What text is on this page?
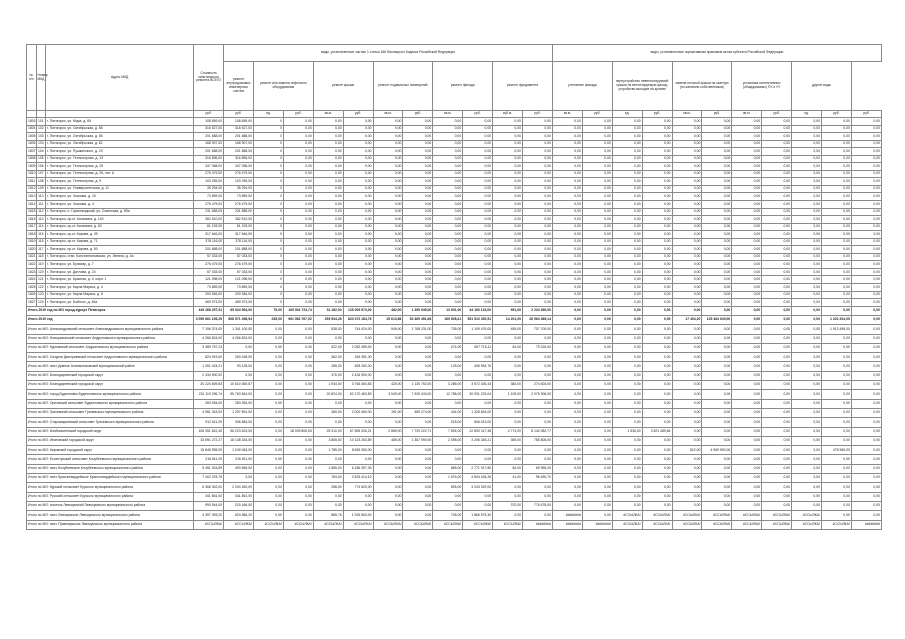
№ п/п	Номер МКД	Адрес МКД	Стоимость капитального ремонта ВСЕГО	виды, установленные частью 1 статьи 166 Жилищного Кодекса Российской Федерации											виды, установленные нормативным правовым актом субъекта Российской Федерации										
				ремонт внутридомовых инженерных систем	ремонт или замена лифтового оборудования		ремонт крыши		ремонт подвальных помещений		ремонт фасада		ремонт фундамента		утепление фасада		переустройство невентилируемой крыши на вентилируемую крышу, устройство выходов на кровлю		замена плоской крыши на скатную (по желанию собственников)		установка коллективных (общедомовых) ПУ и УУ		другие виды		
			руб.	руб.	ед.	руб.	кв.м.	руб.	кв.м.	руб.	кв.м.	руб.	куб.м.	руб.	кв.м.	руб.	ед.	руб.	кв.м.	руб.	кв.м.	руб.	ед.	руб.	руб.
1803	101	г. Пятигорск, ул. Мира, д. 65	108 659,00	108 659,00	0	0,00	0,00	0,00	0,00	0,00	0,00	0,00	0,00	0,00	0,00	0,00	0,00	0,00	0,00	0,00	0,00	0,00	0,00	0,00	0,00
1804	102	г. Пятигорск, ул. Октябрьская, д. 58	316 527,00	316 527,00	0	0,00	0,00	0,00	0,00	0,00	0,00	0,00	0,00	0,00	0,00	0,00	0,00	0,00	0,00	0,00	0,00	0,00	0,00	0,00	0,00
1805	103	г. Пятигорск, ул. Октябрьская, д. 55	201 688,00	201 688,00	0	0,00	0,00	0,00	0,00	0,00	0,00	0,00	0,00	0,00	0,00	0,00	0,00	0,00	0,00	0,00	0,00	0,00	0,00	0,00	0,00
1806	103	г. Пятигорск, ул. Октябрьская, д. 62	168 907,00	168 907,00	0	0,00	0,00	0,00	0,00	0,00	0,00	0,00	0,00	0,00	0,00	0,00	0,00	0,00	0,00	0,00	0,00	0,00	0,00	0,00	0,00
1807	104	г. Пятигорск, ул. Пушкинского, д. 20	201 688,00	201 688,00	0	0,00	0,00	0,00	0,00	0,00	0,00	0,00	0,00	0,00	0,00	0,00	0,00	0,00	0,00	0,00	0,00	0,00	0,00	0,00	0,00
1808	105	г. Пятигорск, ул. Теплосерная, д. 13	316 896,00	316 896,00	0	0,00	0,00	0,00	0,00	0,00	0,00	0,00	0,00	0,00	0,00	0,00	0,00	0,00	0,00	0,00	0,00	0,00	0,00	0,00	0,00
1809	106	г. Пятигорск, ул. Теплосерная, д. 25	347 058,00	347 058,00	0	0,00	0,00	0,00	0,00	0,00	0,00	0,00	0,00	0,00	0,00	0,00	0,00	0,00	0,00	0,00	0,00	0,00	0,00	0,00	0,00
1810	107	г. Пятигорск, ул. Теплосерная, д. 25, лит. А	276 479,00	276 479,00	0	0,00	0,00	0,00	0,00	0,00	0,00	0,00	0,00	0,00	0,00	0,00	0,00	0,00	0,00	0,00	0,00	0,00	0,00	0,00	0,00
1811	108	г. Пятигорск, ул. Теплосерная, д. 9	103 255,00	103 255,00	0	0,00	0,00	0,00	0,00	0,00	0,00	0,00	0,00	0,00	0,00	0,00	0,00	0,00	0,00	0,00	0,00	0,00	0,00	0,00	0,00
1812	109	г. Пятигорск, ул. Университетская, д. 11	35 294,00	35 294,00	0	0,00	0,00	0,00	0,00	0,00	0,00	0,00	0,00	0,00	0,00	0,00	0,00	0,00	0,00	0,00	0,00	0,00	0,00	0,00	0,00
1813	110	г. Пятигорск, ул. Чкалова, д. 16	73 859,00	73 859,00	0	0,00	0,00	0,00	0,00	0,00	0,00	0,00	0,00	0,00	0,00	0,00	0,00	0,00	0,00	0,00	0,00	0,00	0,00	0,00	0,00
1814	111	г. Пятигорск, ул. Чкалова, д. 4	276 479,00	276 479,00	0	0,00	0,00	0,00	0,00	0,00	0,00	0,00	0,00	0,00	0,00	0,00	0,00	0,00	0,00	0,00	0,00	0,00	0,00	0,00	0,00
1815	112	г. Пятигорск, п. Горячеводский, ул. Советская, д. 89а	231 588,00	231 588,00	0	0,00	0,00	0,00	0,00	0,00	0,00	0,00	0,00	0,00	0,00	0,00	0,00	0,00	0,00	0,00	0,00	0,00	0,00	0,00	0,00
1816	113	г. Пятигорск, пр-кт. Калинина, д. 143	382 510,00	382 510,00	0	0,00	0,00	0,00	0,00	0,00	0,00	0,00	0,00	0,00	0,00	0,00	0,00	0,00	0,00	0,00	0,00	0,00	0,00	0,00	0,00
1817	114	г. Пятигорск, пр-кт. Калинина, д. 63	81 193,00	81 193,00	0	0,00	0,00	0,00	0,00	0,00	0,00	0,00	0,00	0,00	0,00	0,00	0,00	0,00	0,00	0,00	0,00	0,00	0,00	0,00	0,00
1818	115	г. Пятигорск, пр-кт. Кирова, д. 39	317 646,00	317 646,00	0	0,00	0,00	0,00	0,00	0,00	0,00	0,00	0,00	0,00	0,00	0,00	0,00	0,00	0,00	0,00	0,00	0,00	0,00	0,00	0,00
1819	116	г. Пятигорск, пр-кт. Кирова, д. 71	378 116,00	378 116,00	0	0,00	0,00	0,00	0,00	0,00	0,00	0,00	0,00	0,00	0,00	0,00	0,00	0,00	0,00	0,00	0,00	0,00	0,00	0,00	0,00
1820	117	г. Пятигорск, пр-кт. Кирова, д. 50	201 688,00	201 688,00	0	0,00	0,00	0,00	0,00	0,00	0,00	0,00	0,00	0,00	0,00	0,00	0,00	0,00	0,00	0,00	0,00	0,00	0,00	0,00	0,00
1821	118	г. Пятигорск, стан. Константиновская, ул. Ленина, д. 4а	57 033,00	57 033,00	0	0,00	0,00	0,00	0,00	0,00	0,00	0,00	0,00	0,00	0,00	0,00	0,00	0,00	0,00	0,00	0,00	0,00	0,00	0,00	0,00
1822	119	г. Пятигорск, ул. Бульвар, д. 7	276 479,00	276 479,00	0	0,00	0,00	0,00	0,00	0,00	0,00	0,00	0,00	0,00	0,00	0,00	0,00	0,00	0,00	0,00	0,00	0,00	0,00	0,00	0,00
1823	120	г. Пятигорск, ул. Дятлова, д. 24	57 033,00	57 033,00	0	0,00	0,00	0,00	0,00	0,00	0,00	0,00	0,00	0,00	0,00	0,00	0,00	0,00	0,00	0,00	0,00	0,00	0,00	0,00	0,00
1824	121	г. Пятигорск, ул. Красная, д. 4, корп. 1	121 098,00	121 098,00	0	0,00	0,00	0,00	0,00	0,00	0,00	0,00	0,00	0,00	0,00	0,00	0,00	0,00	0,00	0,00	0,00	0,00	0,00	0,00	0,00
1825	122	г. Пятигорск, ул. Карла Маркса, д. 4	73 859,00	73 859,00	0	0,00	0,00	0,00	0,00	0,00	0,00	0,00	0,00	0,00	0,00	0,00	0,00	0,00	0,00	0,00	0,00	0,00	0,00	0,00	0,00
1826	123	г. Пятигорск, ул. Карла Маркса, д. 8	200 946,00	200 946,00	0	0,00	0,00	0,00	0,00	0,00	0,00	0,00	0,00	0,00	0,00	0,00	0,00	0,00	0,00	0,00	0,00	0,00	0,00	0,00	0,00
1827	124	г. Пятигорск, ул. Бойного, д. 45а	469 973,00	469 973,00	0	0,00	0,00	0,00	0,00	0,00	0,00	0,00	0,00	0,00	0,00	0,00	0,00	0,00	0,00	0,00	0,00	0,00	0,00	0,00	0,00
Итого 2019 год по МО город-курорт Пятигорск			449 268 257,91	69 924 994,00	75,00	169 304 723,74	31 182,00	125 209 573,00	482,00	1 259 949,00	13 901,00	44 160 123,00	951,00	2 224 390,00	0,00	0,00	0,00	0,00	0,00	0,00	0,00	0,00	0,00	0,00	0,00
Итого 2019 год			3 059 661 106,29	808 571 498,94	235,00	961 083 767,02	255 534,26	823 072 184,76	25 613,86	53 465 451,66	169 528,41	551 510 392,51	14 201,00	26 564 489,14	0,00	0,00	0,00	0,00	17 404,20	125 464 040,00	0,00	0,00	0,00	1 223 204,05	0,00
Итого по МО: Александровский сельсовет Александровского муниципального района			7 196 374,00	1 341 100,00	0,00	0,00	538,00	744 424,00	546,00	1 768 231,00	735,00	1 109 476,00	455,00	707 700,00	0,00	0,00	0,00	0,00	0,00	0,00	0,00	0,00	0,00	1 913 496,00	0,00
Итого по МО: Новоразынский сельсовет Андроповского муниципального района			4 266 824,00	4 266 824,00	0,00	0,00	0,00	0,00	0,00	0,00	0,00	0,00	0,00	0,00	0,00	0,00	0,00	0,00	0,00	0,00	0,00	0,00	0,00	0,00	0,00
Итого по МО: Курсавский сельсовет Андроповского муниципального района			3 389 757,24	0,00	0,00	0,00	522,00	2 082 489,00	0,00	0,00	274,00	697 715,11	64,00	79 226,00	0,00	0,00	0,00	0,00	0,00	0,00	0,00	0,00	0,00	0,00	0,00
Итого по МО: Сизуров Дмитриевский сельсовет Андроповского муниципального района			824 519,00	263 168,00	0,00	0,00	362,00	426 351,00	0,00	0,00	0,00	0,00	0,00	0,00	0,00	0,00	0,00	0,00	0,00	0,00	0,00	0,00	0,00	0,00	0,00
Итого по МО: село Дивное Апанасенковский муниципальный район			1 261 424,21	93 128,00	0,00	0,00	285,00	828 262,00	0,00	0,00	125,00	406 994,76	0,00	0,00	0,00	0,00	0,00	0,00	0,00	0,00	0,00	0,00	0,00	0,00	0,00
Итого по МО: Благодарненский городской округ			2 434 900,00	0,00	0,00	0,00	376,00	2 434 900,00	0,00	0,00	0,00	0,00	0,00	0,00	0,00	0,00	0,00	0,00	0,00	0,00	0,00	0,00	0,00	0,00	0,00
Итого по МО: Благодарненский городской округ			20 224 609,83	10 610 360,57	0,00	0,00	1 934,00	3 766 464,83	420,00	1 130 752,00	3 285,00	3 972 426,43	384,00	274 604,00	0,00	0,00	0,00	0,00	0,00	0,00	0,00	0,00	0,00	0,00	0,00
Итого по МО: город Буденновск Буденновского муниципального района			231 119 296,74	95 763 844,00	0,00	0,00	20 824,00	62 170 483,89	3 549,00	7 926 443,00	12 758,00	30 931 223,04	1 109,00	2 076 906,00	0,00	0,00	0,00	0,00	0,00	0,00	0,00	0,00	0,00	0,00	0,00
Итого по МО: Орловский сельсовет Буденновского муниципального района			283 054,00	283 054,00	0,00	0,00	0,00	0,00	0,00	0,00	0,00	0,00	0,00	0,00	0,00	0,00	0,00	0,00	0,00	0,00	0,00	0,00	0,00	0,00	0,00
Итого по МО: Грачевский сельсовет Грачевского муниципального района			4 981 343,00	1 297 891,00	0,00	0,00	380,00	2 000 460,00	191,00	489 274,00	444,00	1 328 815,00	0,00	0,00	0,00	0,00	0,00	0,00	0,00	0,00	0,00	0,00	0,00	0,00	0,00
Итого по МО: Старомарьевский сельсовет Грачевского муниципального района			912 611,00	306 684,00	0,00	0,00	0,00	0,00	0,00	0,00	218,00	606 013,00	0,00	0,00	0,00	0,00	0,00	0,00	0,00	0,00	0,00	0,00	0,00	0,00	0,00
Итого по МО: Изобильненский городской округ			106 391 822,40	56 223 623,00	0,00	18 039 806,53	25 310,00	67 895 326,21	2 889,00	7 729 222,71	7 894,00	22 800 317,48	4 774,00	8 142 082,77	0,00	0,00	1 536,00	2 821 489,84	0,00	0,00	0,00	0,00	0,00	0,00	0,00
Итого по МО: Ипатовский городской округ			33 591 272,27	18 138 334,00	0,00	0,00	3 865,00	10 123 263,89	485,00	1 367 990,00	2 098,00	3 206 345,21	355,00	785 806,00	0,00	0,00	0,00	0,00	0,00	0,00	0,00	0,00	0,00	0,00	0,00
Итого по МО: Кировский городской округ			15 848 955,00	1 049 063,00	0,00	0,00	1 785,00	8 555 350,00	0,00	0,00	0,00	0,00	0,00	0,00	0,00	0,00	0,00	0,00	822,00	4 969 990,00	0,00	0,00	0,00	478 965,00	0,00
Итого по МО: Ессентукский сельсовет Кочубеевского муниципального района			216 811,00	216 811,00	0,00	0,00	0,00	0,00	0,00	0,00	0,00	0,00	0,00	0,00	0,00	0,00	0,00	0,00	0,00	0,00	0,00	0,00	0,00	0,00	0,00
Итого по МО: село Кочубеевское Кочубеевского муниципального района			9 451 924,89	493 558,00	0,00	0,00	1 855,00	6 186 397,39	0,00	0,00	865,00	2 771 917,80	84,00	69 995,20	0,00	0,00	0,00	0,00	0,00	0,00	0,00	0,00	0,00	0,00	0,00
Итого по МО: село Красногвардейское Красногвардейского муниципального района			7 402 378,76	0,00	0,00	0,00	783,00	2 525 414,10	0,00	0,00	1 576,00	4 844 434,26	41,00	96 630,70	0,00	0,00	0,00	0,00	0,00	0,00	0,00	0,00	0,00	0,00	0,00
Итого по МО: Курский сельсовет Курского муниципального района			6 368 302,00	2 204 450,00	0,00	0,00	258,00	774 620,00	0,00	0,00	805,00	3 043 329,00	0,00	0,00	0,00	0,00	0,00	0,00	0,00	0,00	0,00	0,00	0,00	0,00	0,00
Итого по МО: Русский сельсовет Курского муниципального района			341 861,00	341 861,00	0,00	0,00	0,00	0,00	0,00	0,00	0,00	0,00	0,00	0,00	0,00	0,00	0,00	0,00	0,00	0,00	0,00	0,00	0,00	0,00	0,00
Итого по МО: поселок Левокумский Левокумского муниципального района			990 944,00	215 166,00	0,00	0,00	0,00	0,00	0,00	0,00	0,00	0,00	370,00	775 678,00	0,00	0,00	0,00	0,00	0,00	0,00	0,00	0,00	0,00	0,00	0,00
Итого по МО: село Левокумское Левокумского муниципального района			4 397 393,20	603 856,20	0,00	0,00	865,78	1 926 563,00	0,00	0,00	705,00	1 866 975,30	0,00	0,00	########	0,00	#ССЫЛКА!	#ССЫЛКА!	#ССЫЛКА!	#ССЫЛКА!	#ССЫЛКА!	#ССЫЛКА!	#ССЫЛКА!	0,00	0,00
Итого по МО: село Правокумское Левокумского муниципального района			#ССЫЛКА!	#ССЫЛКА!	#ССЫЛКА!	#ССЫЛКА!	#ССЫЛКА!	#ССЫЛКА!	#ССЫЛКА!	#ССЫЛКА!	#ССЫЛКА!	#ССЫЛКА!	#ССЫЛКА!	########	########	########	#ССЫЛКА!	#ССЫЛКА!	#ССЫЛКА!	#ССЫЛКА!	#ССЫЛКА!	#ССЫЛКА!	#ССЫЛКА!	#ССЫЛКА!	########
